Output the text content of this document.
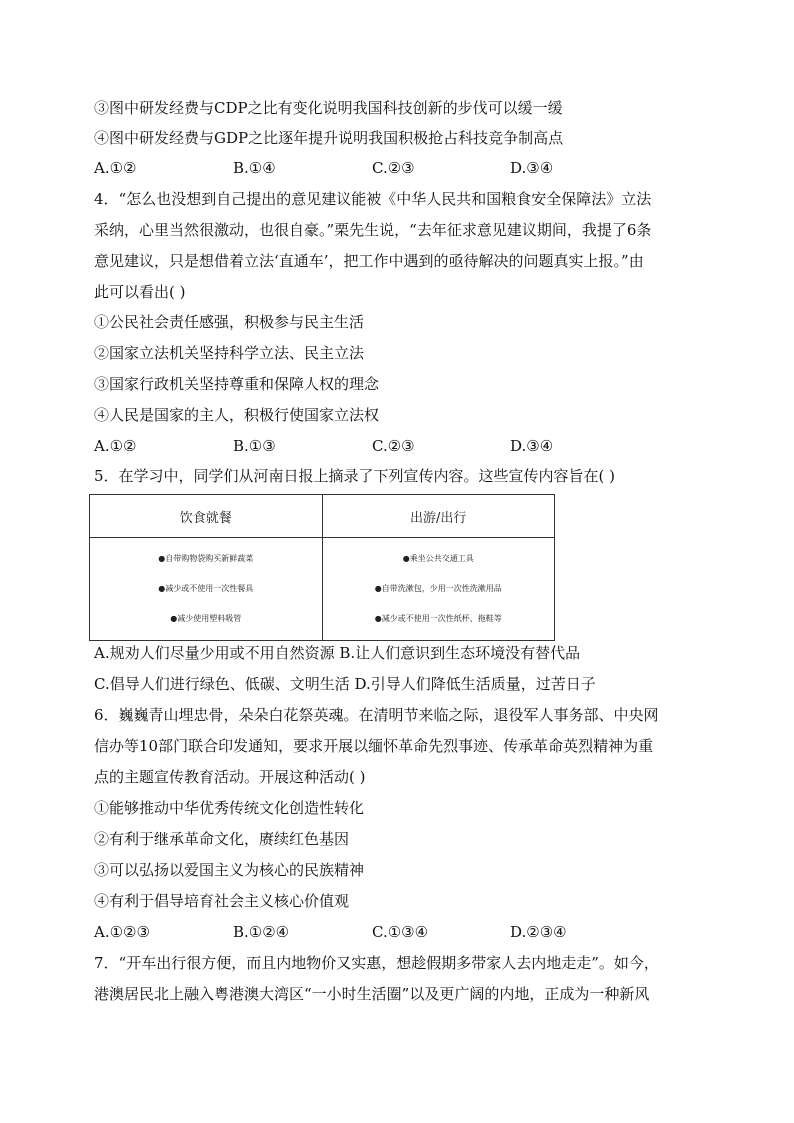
③图中研发经费与CDP之比有变化说明我国科技创新的步伐可以缓一缓
④图中研发经费与GDP之比逐年提升说明我国积极抢占科技竞争制高点
A.①②	B.①④	C.②③	D.③④
4．“怎么也没想到自己提出的意见建议能被《中华人民共和国粮食安全保障法》立法
采纳，心里当然很激动，也很自豪。”栗先生说，“去年征求意见建议期间，我提了6条
意见建议，只是想借着立法‘直通车’，把工作中遇到的亟待解决的问题真实上报。”由
此可以看出( )
①公民社会责任感强，积极参与民主生活
②国家立法机关坚持科学立法、民主立法
③国家行政机关坚持尊重和保障人权的理念
④人民是国家的主人，积极行使国家立法权
A.①②	B.①③	C.②③	D.③④
5．在学习中，同学们从河南日报上摘录了下列宣传内容。这些宣传内容旨在( )
饮食就餐	出游/出行

●自带购物袋购买新鲜蔬菜
●减少或不使用一次性餐具
●减少使用塑料吸管	●乘坐公共交通工具
●自带洗漱包，少用一次性洗漱用品
●减少或不使用一次性纸杯、拖鞋等
A.规劝人们尽量少用或不用自然资源 B.让人们意识到生态环境没有替代品
C.倡导人们进行绿色、低碳、文明生活 D.引导人们降低生活质量，过苦日子
6．巍巍青山埋忠骨，朵朵白花祭英魂。在清明节来临之际，退役军人事务部、中央网
信办等10部门联合印发通知，要求开展以缅怀革命先烈事迹、传承革命英烈精神为重
点的主题宣传教育活动。开展这种活动( )
①能够推动中华优秀传统文化创造性转化
②有利于继承革命文化，赓续红色基因
③可以弘扬以爱国主义为核心的民族精神
④有利于倡导培育社会主义核心价值观
A.①②③	B.①②④	C.①③④	D.②③④
7．“开车出行很方便，而且内地物价又实惠，想趁假期多带家人去内地走走”。如今，
港澳居民北上融入粤港澳大湾区“一小时生活圈”以及更广阔的内地，正成为一种新风
